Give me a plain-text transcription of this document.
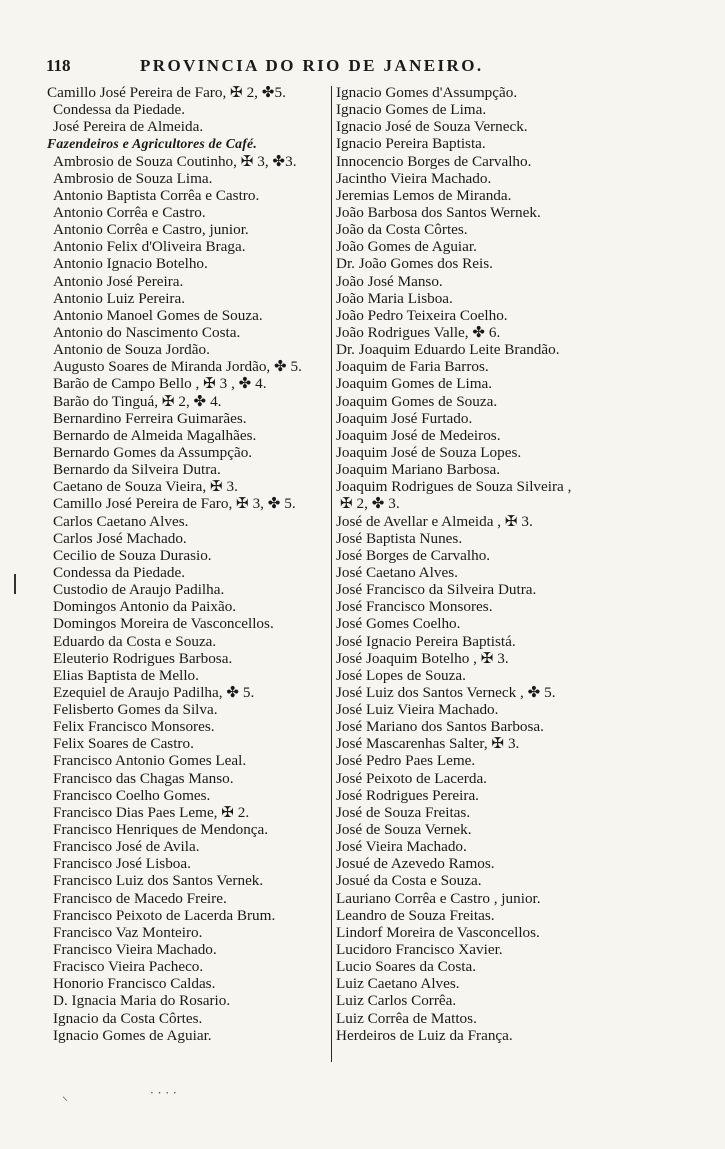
118	PROVINCIA DO RIO DE JANEIRO.
Camillo José Pereira de Faro, ✠ 2, ✤5.
Condessa da Piedade.
José Pereira de Almeida.
Fazendeiros e Agricultores de Café.
Ambrosio de Souza Coutinho, ✠ 3, ✤3.
Ambrosio de Souza Lima.
Antonio Baptista Corrêa e Castro.
Antonio Corrêa e Castro.
Antonio Corrêa e Castro, junior.
Antonio Felix d'Oliveira Braga.
Antonio Ignacio Botelho.
Antonio José Pereira.
Antonio Luiz Pereira.
Antonio Manoel Gomes de Souza.
Antonio do Nascimento Costa.
Antonio de Souza Jordão.
Augusto Soares de Miranda Jordão, ✤ 5.
Barão de Campo Bello , ✠ 3 , ✤ 4.
Barão do Tinguá, ✠ 2, ✤ 4.
Bernardino Ferreira Guimarães.
Bernardo de Almeida Magalhães.
Bernardo Gomes da Assumpção.
Bernardo da Silveira Dutra.
Caetano de Souza Vieira, ✠ 3.
Camillo José Pereira de Faro, ✠ 3, ✤ 5.
Carlos Caetano Alves.
Carlos José Machado.
Cecilio de Souza Durasio.
Condessa da Piedade.
Custodio de Araujo Padilha.
Domingos Antonio da Paixão.
Domingos Moreira de Vasconcellos.
Eduardo da Costa e Souza.
Eleuterio Rodrigues Barbosa.
Elias Baptista de Mello.
Ezequiel de Araujo Padilha, ✤ 5.
Felisberto Gomes da Silva.
Felix Francisco Monsores.
Felix Soares de Castro.
Francisco Antonio Gomes Leal.
Francisco das Chagas Manso.
Francisco Coelho Gomes.
Francisco Dias Paes Leme, ✠ 2.
Francisco Henriques de Mendonça.
Francisco José de Avila.
Francisco José Lisboa.
Francisco Luiz dos Santos Vernek.
Francisco de Macedo Freire.
Francisco Peixoto de Lacerda Brum.
Francisco Vaz Monteiro.
Francisco Vieira Machado.
Fracisco Vieira Pacheco.
Honorio Francisco Caldas.
D. Ignacia Maria do Rosario.
Ignacio da Costa Côrtes.
Ignacio Gomes de Aguiar.
Ignacio Gomes d'Assumpção.
Ignacio Gomes de Lima.
Ignacio José de Souza Verneck.
Ignacio Pereira Baptista.
Innocencio Borges de Carvalho.
Jacintho Vieira Machado.
Jeremias Lemos de Miranda.
João Barbosa dos Santos Wernek.
João da Costa Côrtes.
João Gomes de Aguiar.
Dr. João Gomes dos Reis.
João José Manso.
João Maria Lisboa.
João Pedro Teixeira Coelho.
João Rodrigues Valle, ✤ 6.
Dr. Joaquim Eduardo Leite Brandão.
Joaquim de Faria Barros.
Joaquim Gomes de Lima.
Joaquim Gomes de Souza.
Joaquim José Furtado.
Joaquim José de Medeiros.
Joaquim José de Souza Lopes.
Joaquim Mariano Barbosa.
Joaquim Rodrigues de Souza Silveira ,
✠ 2, ✤ 3.
José de Avellar e Almeida , ✠ 3.
José Baptista Nunes.
José Borges de Carvalho.
José Caetano Alves.
José Francisco da Silveira Dutra.
José Francisco Monsores.
José Gomes Coelho.
José Ignacio Pereira Baptistá.
José Joaquim Botelho , ✠ 3.
José Lopes de Souza.
José Luiz dos Santos Verneck , ✤ 5.
José Luiz Vieira Machado.
José Mariano dos Santos Barbosa.
José Mascarenhas Salter, ✠ 3.
José Pedro Paes Leme.
José Peixoto de Lacerda.
José Rodrigues Pereira.
José de Souza Freitas.
José de Souza Vernek.
José Vieira Machado.
Josué de Azevedo Ramos.
Josué da Costa e Souza.
Lauriano Corrêa e Castro , junior.
Leandro de Souza Freitas.
Lindorf Moreira de Vasconcellos.
Lucidoro Francisco Xavier.
Lucio Soares da Costa.
Luiz Caetano Alves.
Luiz Carlos Corrêa.
Luiz Corrêa de Mattos.
Herdeiros de Luiz da França.
⸌
· · · ·
